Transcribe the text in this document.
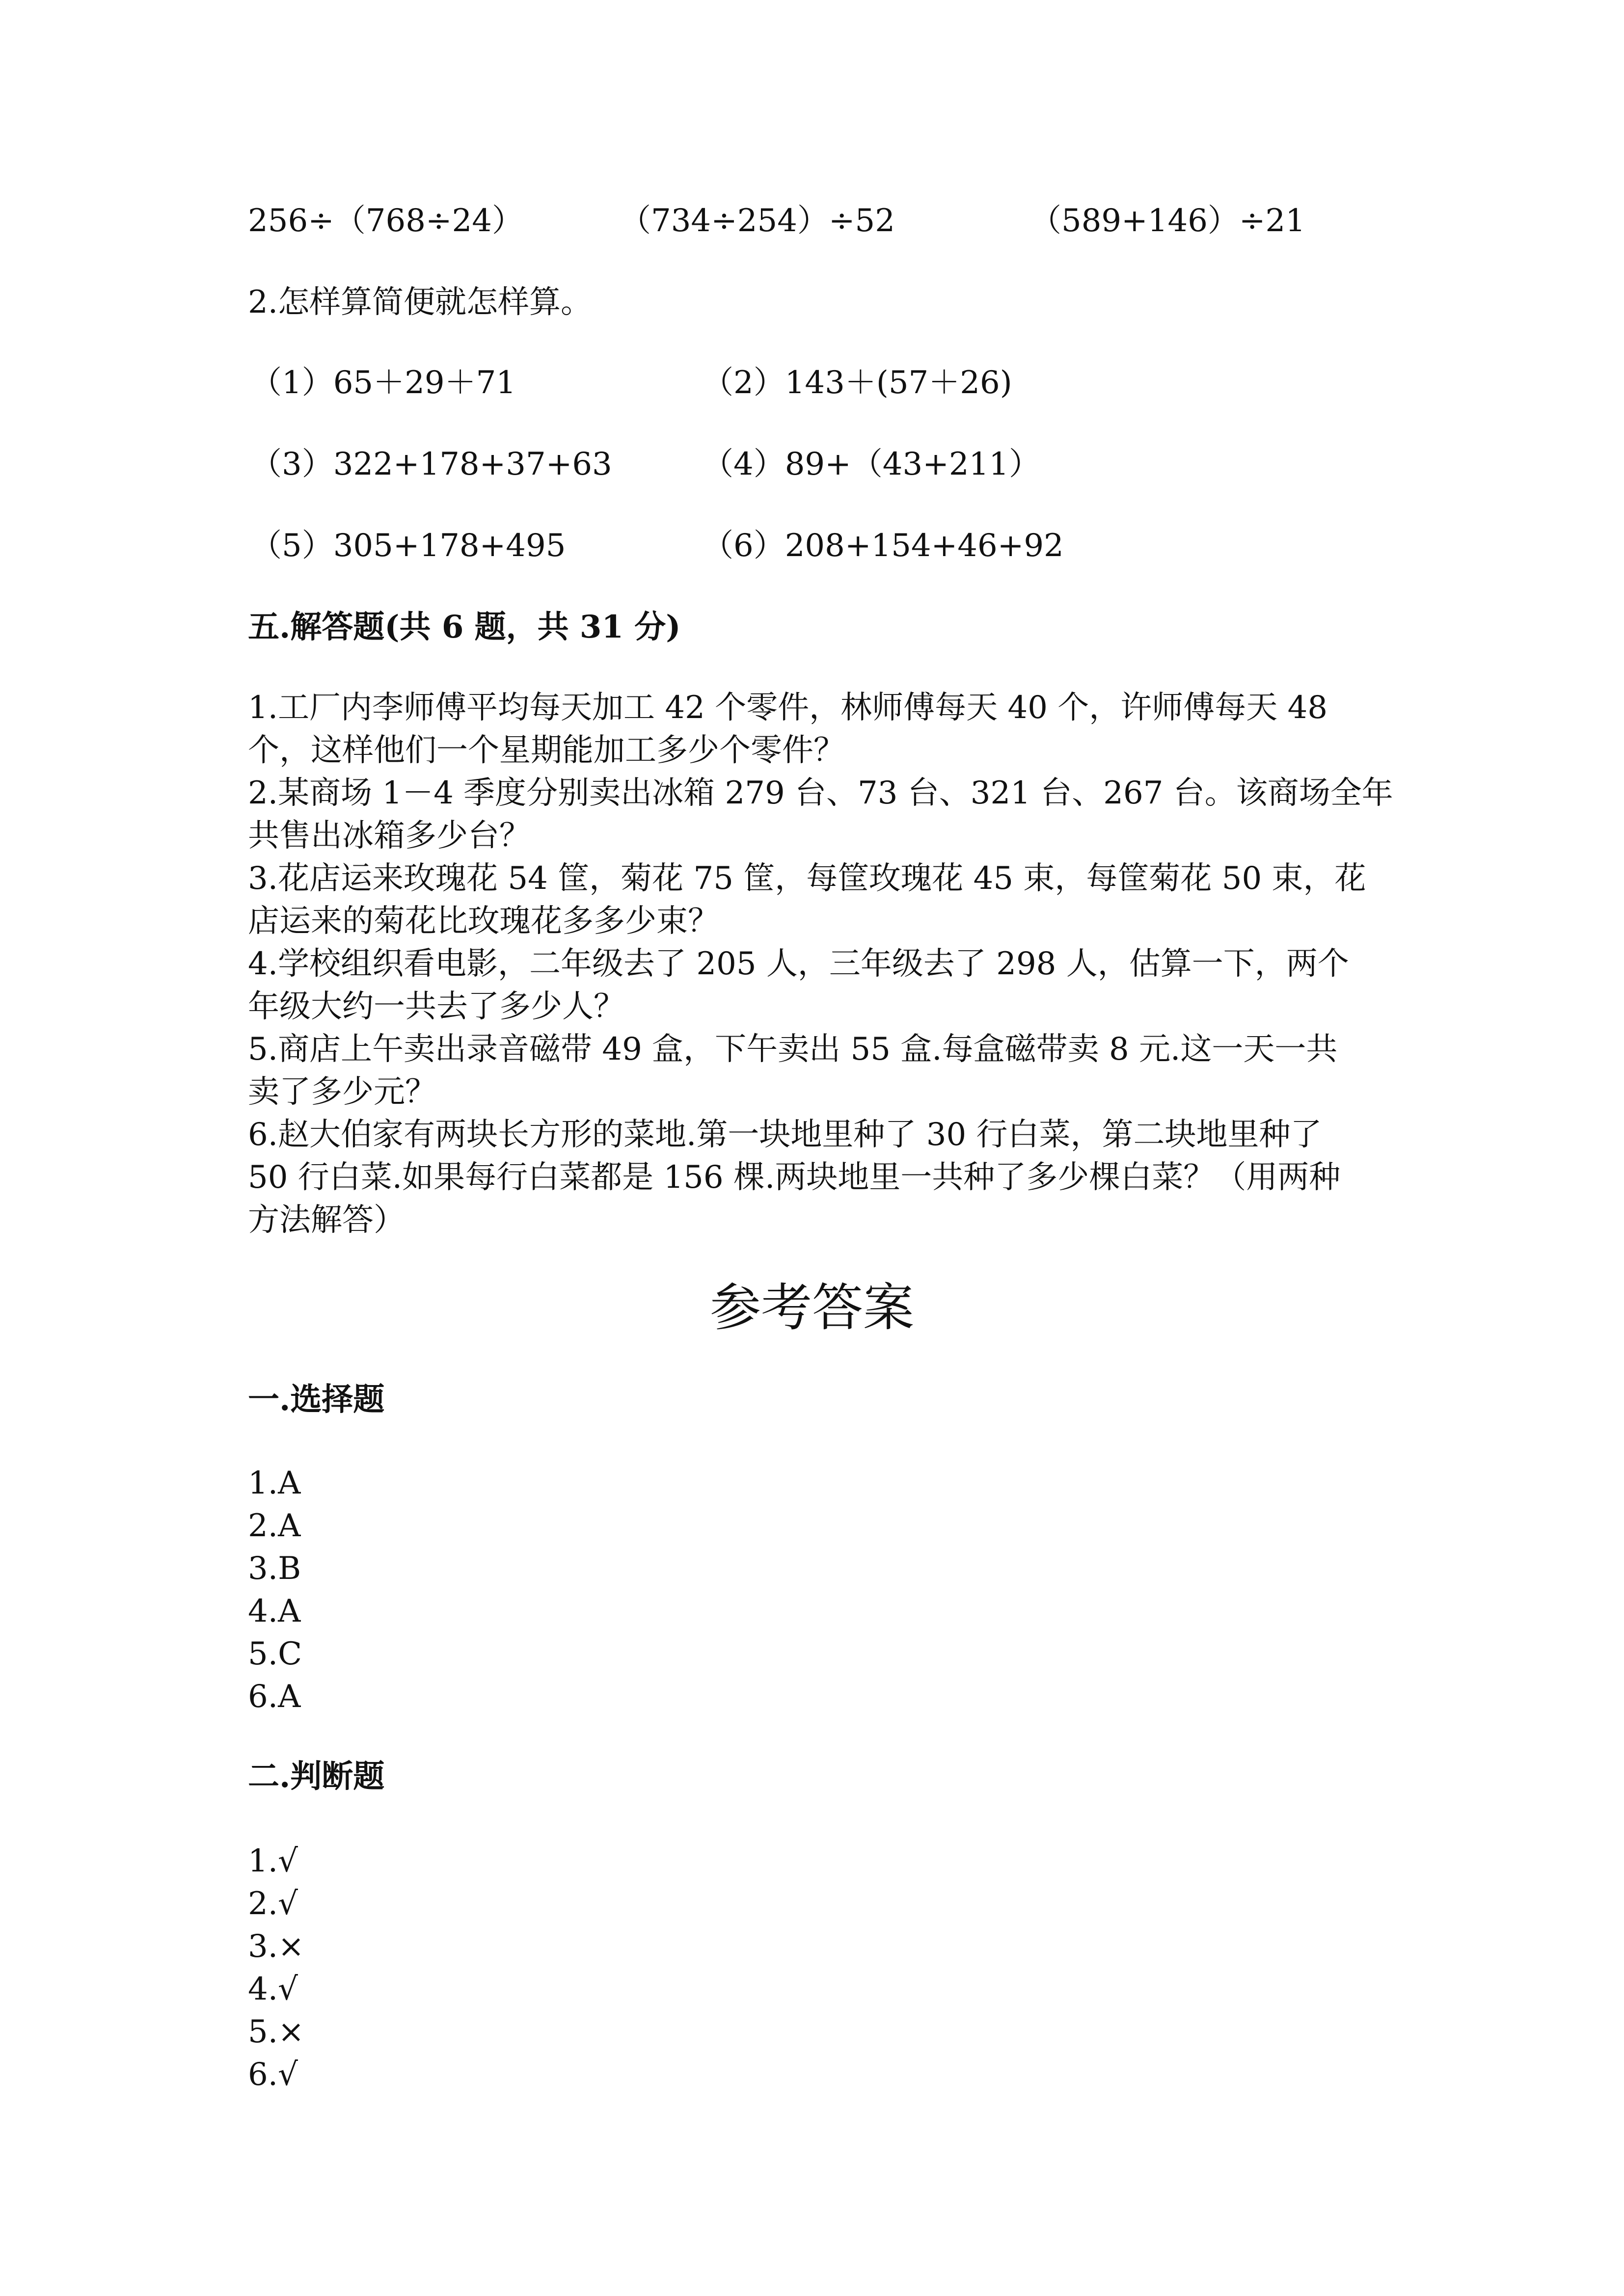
256÷（768÷24）	（734÷254）÷52	（589+146）÷21
2.怎样算简便就怎样算。
（1）65＋29＋71	（2）143＋(57＋26)
（3）322+178+37+63	（4）89+（43+211）
（5）305+178+495	（6）208+154+46+92
五.解答题(共 6 题，共 31 分)
1.工厂内李师傅平均每天加工 42 个零件，林师傅每天 40 个，许师傅每天 48
个，这样他们一个星期能加工多少个零件？
2.某商场 1－4 季度分别卖出冰箱 279 台、73 台、321 台、267 台。该商场全年
共售出冰箱多少台？
3.花店运来玫瑰花 54 筐，菊花 75 筐，每筐玫瑰花 45 束，每筐菊花 50 束，花
店运来的菊花比玫瑰花多多少束？
4.学校组织看电影，二年级去了 205 人，三年级去了 298 人，估算一下，两个
年级大约一共去了多少人？
5.商店上午卖出录音磁带 49 盒，下午卖出 55 盒.每盒磁带卖 8 元.这一天一共
卖了多少元？
6.赵大伯家有两块长方形的菜地.第一块地里种了 30 行白菜，第二块地里种了
50 行白菜.如果每行白菜都是 156 棵.两块地里一共种了多少棵白菜？（用两种
方法解答）
参考答案
一.选择题
1.A
2.A
3.B
4.A
5.C
6.A
二.判断题
1.√
2.√
3.×
4.√
5.×
6.√
